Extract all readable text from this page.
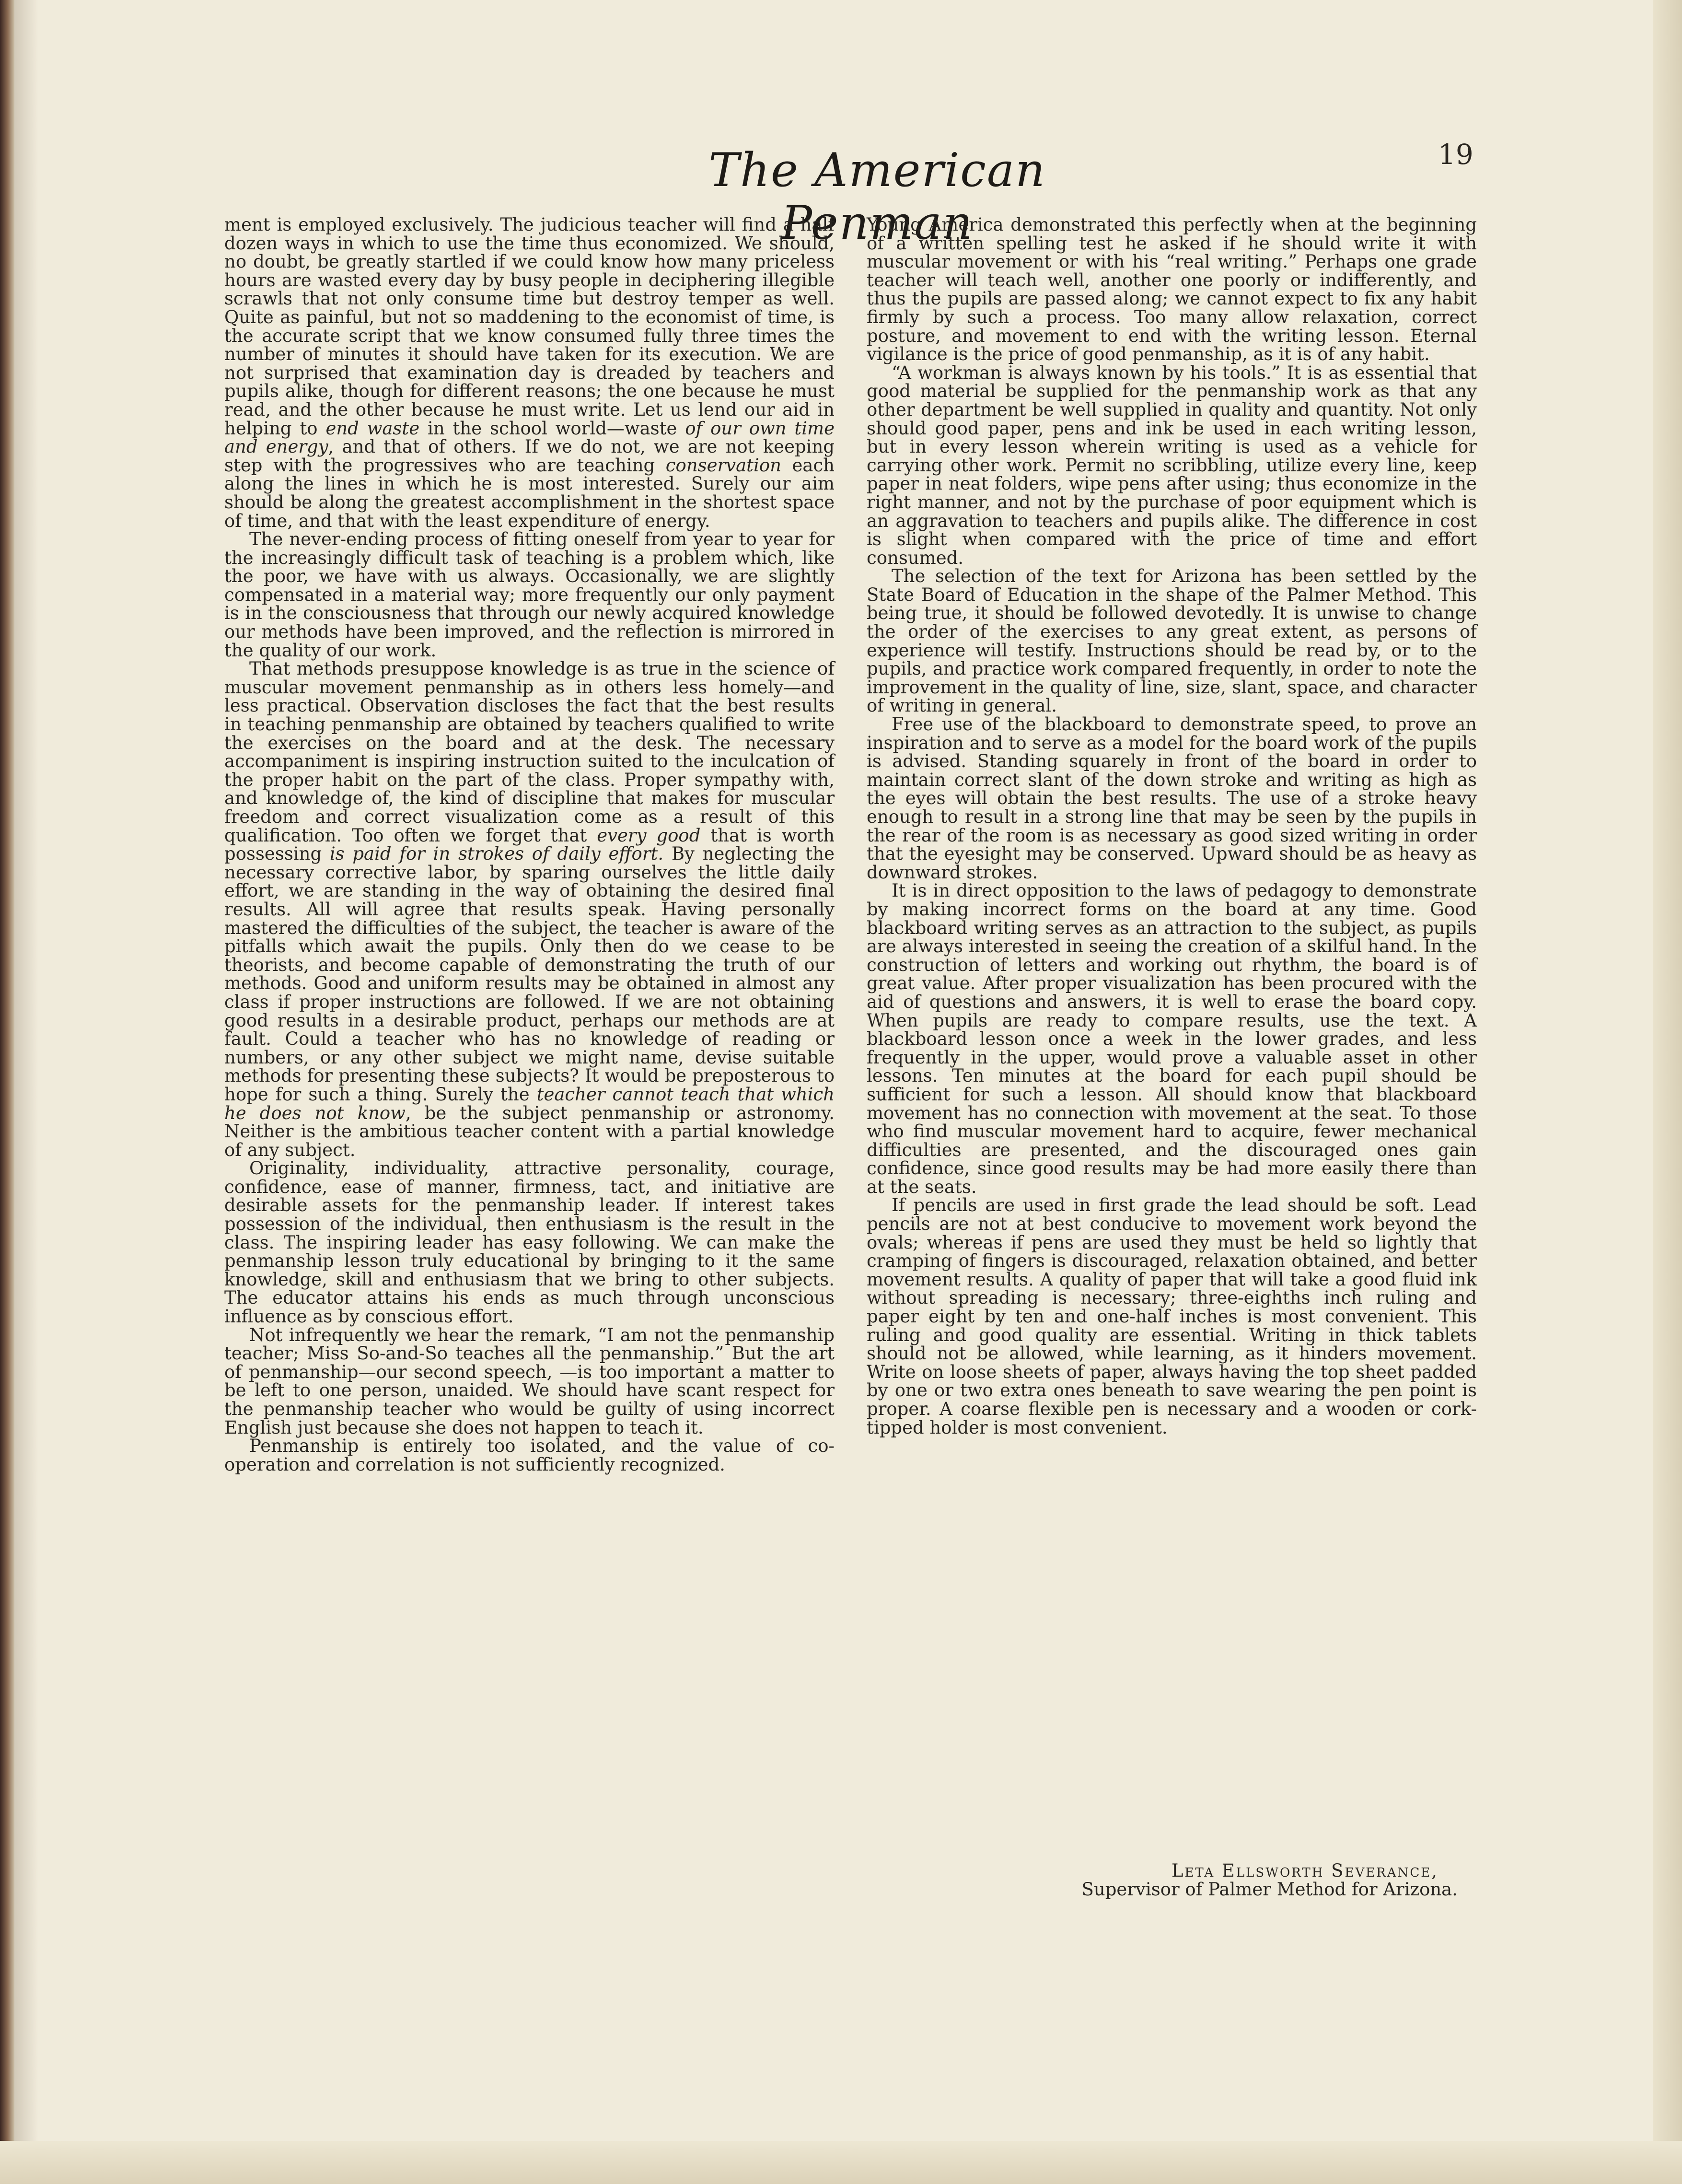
The American Penman
19

ment is employed exclusively. The judicious teacher will find a half dozen ways in which to use the time thus economized. We should, no doubt, be greatly startled if we could know how many priceless hours are wasted every day by busy people in deciphering illegible scrawls that not only consume time but destroy temper as well. Quite as painful, but not so maddening to the economist of time, is the accurate script that we know consumed fully three times the number of minutes it should have taken for its execution. We are not surprised that examination day is dreaded by teachers and pupils alike, though for different reasons; the one because he must read, and the other because he must write. Let us lend our aid in helping to end waste in the school world—waste of our own time and energy, and that of others. If we do not, we are not keeping step with the progressives who are teaching conservation each along the lines in which he is most interested. Surely our aim should be along the greatest accomplishment in the shortest space of time, and that with the least expenditure of energy.

The never-ending process of fitting oneself from year to year for the increasingly difficult task of teaching is a problem which, like the poor, we have with us always. Occasionally, we are slightly compensated in a material way; more frequently our only payment is in the consciousness that through our newly acquired knowledge our methods have been improved, and the reflection is mirrored in the quality of our work.

That methods presuppose knowledge is as true in the science of muscular movement penmanship as in others less homely—and less practical. Observation discloses the fact that the best results in teaching penmanship are obtained by teachers qualified to write the exercises on the board and at the desk. The necessary accompaniment is inspiring instruction suited to the inculcation of the proper habit on the part of the class. Proper sympathy with, and knowledge of, the kind of discipline that makes for muscular freedom and correct visualization come as a result of this qualification. Too often we forget that every good that is worth possessing is paid for in strokes of daily effort. By neglecting the necessary corrective labor, by sparing ourselves the little daily effort, we are standing in the way of obtaining the desired final results. All will agree that results speak. Having personally mastered the difficulties of the subject, the teacher is aware of the pitfalls which await the pupils. Only then do we cease to be theorists, and become capable of demonstrating the truth of our methods. Good and uniform results may be obtained in almost any class if proper instructions are followed. If we are not obtaining good results in a desirable product, perhaps our methods are at fault. Could a teacher who has no knowledge of reading or numbers, or any other subject we might name, devise suitable methods for presenting these subjects? It would be preposterous to hope for such a thing. Surely the teacher cannot teach that which he does not know, be the subject penmanship or astronomy. Neither is the ambitious teacher content with a partial knowledge of any subject.

Originality, individuality, attractive personality, courage, confidence, ease of manner, firmness, tact, and initiative are desirable assets for the penmanship leader. If interest takes possession of the individual, then enthusiasm is the result in the class. The inspiring leader has easy following. We can make the penmanship lesson truly educational by bringing to it the same knowledge, skill and enthusiasm that we bring to other subjects. The educator attains his ends as much through unconscious influence as by conscious effort.

Not infrequently we hear the remark, “I am not the penmanship teacher; Miss So-and-So teaches all the penmanship.” But the art of penmanship—our second speech, —is too important a matter to be left to one person, unaided. We should have scant respect for the penmanship teacher who would be guilty of using incorrect English just because she does not happen to teach it.

Penmanship is entirely too isolated, and the value of co-operation and correlation is not sufficiently recognized.

Young America demonstrated this perfectly when at the beginning of a written spelling test he asked if he should write it with muscular movement or with his “real writing.” Perhaps one grade teacher will teach well, another one poorly or indifferently, and thus the pupils are passed along; we cannot expect to fix any habit firmly by such a process. Too many allow relaxation, correct posture, and movement to end with the writing lesson. Eternal vigilance is the price of good penmanship, as it is of any habit.

“A workman is always known by his tools.” It is as essential that good material be supplied for the penmanship work as that any other department be well supplied in quality and quantity. Not only should good paper, pens and ink be used in each writing lesson, but in every lesson wherein writing is used as a vehicle for carrying other work. Permit no scribbling, utilize every line, keep paper in neat folders, wipe pens after using; thus economize in the right manner, and not by the purchase of poor equipment which is an aggravation to teachers and pupils alike. The difference in cost is slight when compared with the price of time and effort consumed.

The selection of the text for Arizona has been settled by the State Board of Education in the shape of the Palmer Method. This being true, it should be followed devotedly. It is unwise to change the order of the exercises to any great extent, as persons of experience will testify. Instructions should be read by, or to the pupils, and practice work compared frequently, in order to note the improvement in the quality of line, size, slant, space, and character of writing in general.

Free use of the blackboard to demonstrate speed, to prove an inspiration and to serve as a model for the board work of the pupils is advised. Standing squarely in front of the board in order to maintain correct slant of the down stroke and writing as high as the eyes will obtain the best results. The use of a stroke heavy enough to result in a strong line that may be seen by the pupils in the rear of the room is as necessary as good sized writing in order that the eyesight may be conserved. Upward should be as heavy as downward strokes.

It is in direct opposition to the laws of pedagogy to demonstrate by making incorrect forms on the board at any time. Good blackboard writing serves as an attraction to the subject, as pupils are always interested in seeing the creation of a skilful hand. In the construction of letters and working out rhythm, the board is of great value. After proper visualization has been procured with the aid of questions and answers, it is well to erase the board copy. When pupils are ready to compare results, use the text. A blackboard lesson once a week in the lower grades, and less frequently in the upper, would prove a valuable asset in other lessons. Ten minutes at the board for each pupil should be sufficient for such a lesson. All should know that blackboard movement has no connection with movement at the seat. To those who find muscular movement hard to acquire, fewer mechanical difficulties are presented, and the discouraged ones gain confidence, since good results may be had more easily there than at the seats.

If pencils are used in first grade the lead should be soft. Lead pencils are not at best conducive to movement work beyond the ovals; whereas if pens are used they must be held so lightly that cramping of fingers is discouraged, relaxation obtained, and better movement results. A quality of paper that will take a good fluid ink without spreading is necessary; three-eighths inch ruling and paper eight by ten and one-half inches is most convenient. This ruling and good quality are essential. Writing in thick tablets should not be allowed, while learning, as it hinders movement. Write on loose sheets of paper, always having the top sheet padded by one or two extra ones beneath to save wearing the pen point is proper. A coarse flexible pen is necessary and a wooden or cork-tipped holder is most convenient.

Leta Ellsworth Severance,
Supervisor of Palmer Method for Arizona.
